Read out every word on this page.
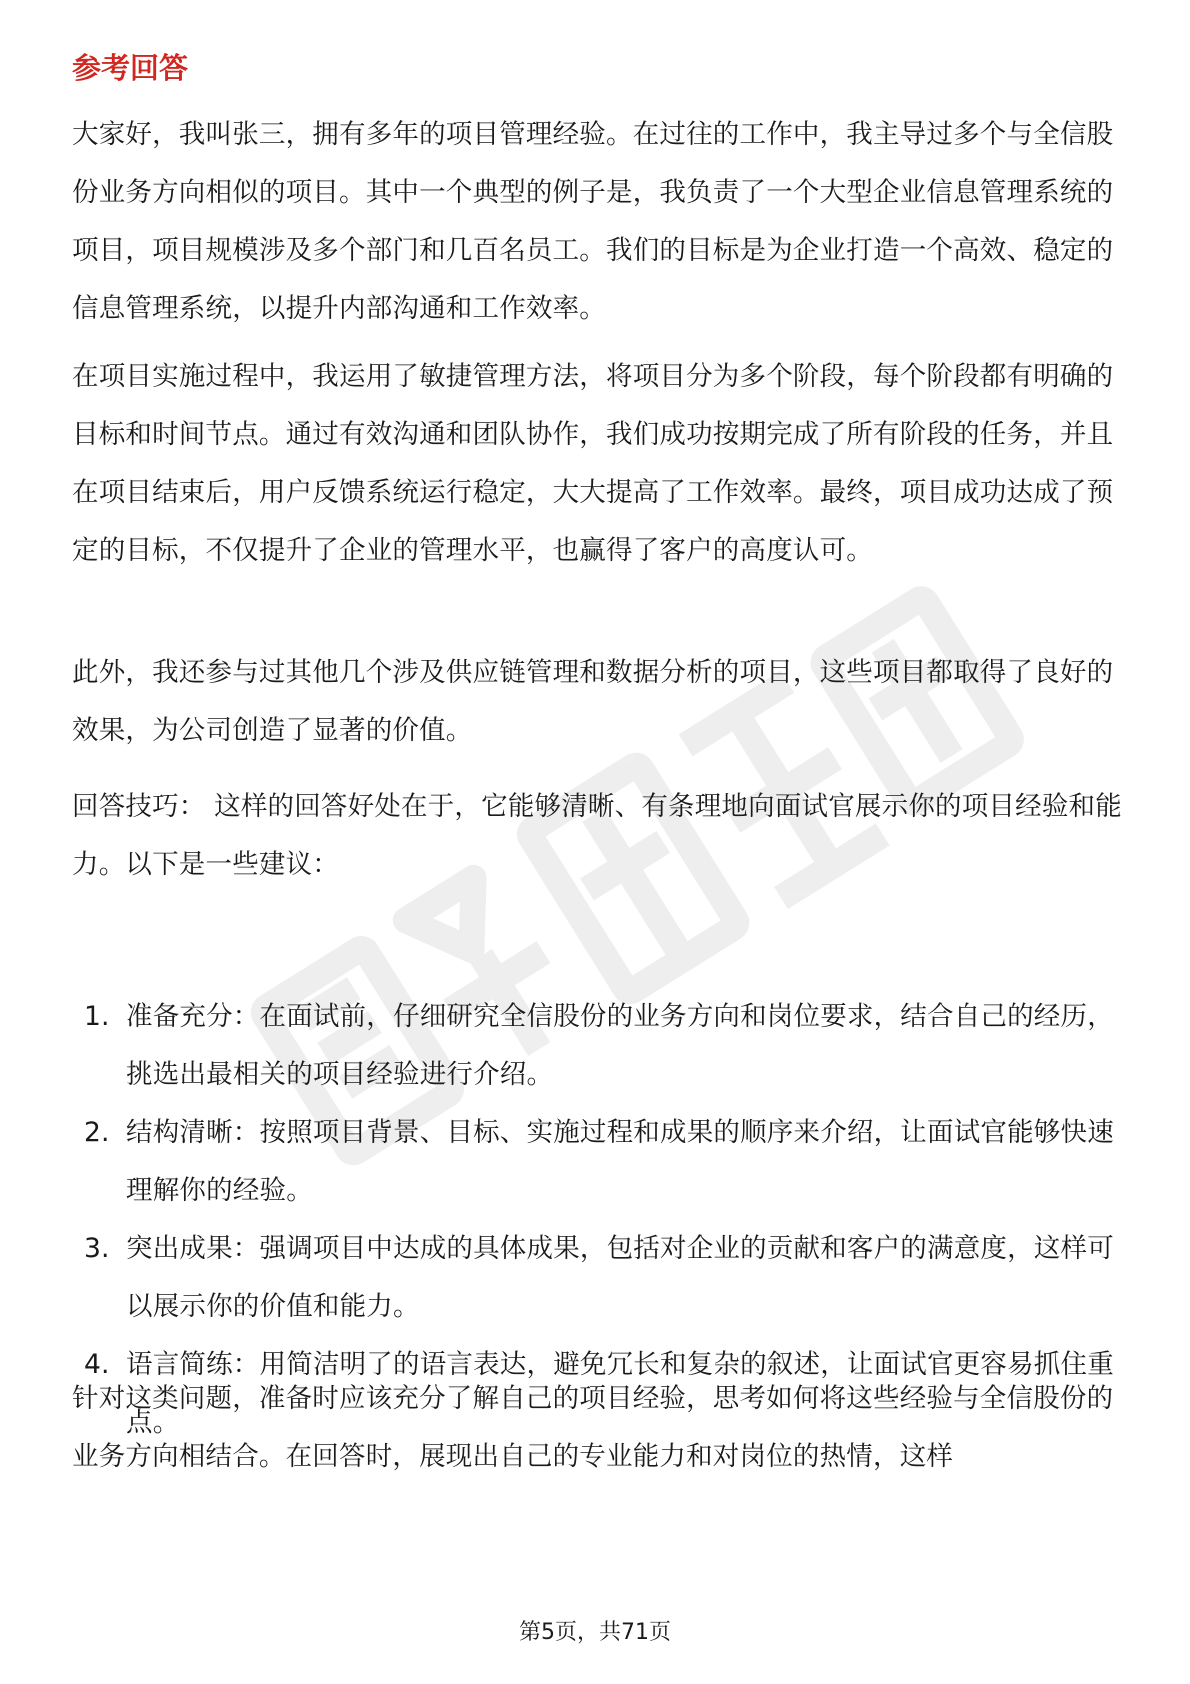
参考回答

大家好，我叫张三，拥有多年的项目管理经验。在过往的工作中，我主导过多个与全信股份业务方向相似的项目。其中一个典型的例子是，我负责了一个大型企业信息管理系统的项目，项目规模涉及多个部门和几百名员工。我们的目标是为企业打造一个高效、稳定的信息管理系统，以提升内部沟通和工作效率。

在项目实施过程中，我运用了敏捷管理方法，将项目分为多个阶段，每个阶段都有明确的目标和时间节点。通过有效沟通和团队协作，我们成功按期完成了所有阶段的任务，并且在项目结束后，用户反馈系统运行稳定，大大提高了工作效率。最终，项目成功达成了预定的目标，不仅提升了企业的管理水平，也赢得了客户的高度认可。

此外，我还参与过其他几个涉及供应链管理和数据分析的项目，这些项目都取得了良好的效果，为公司创造了显著的价值。

回答技巧： 这样的回答好处在于，它能够清晰、有条理地向面试官展示你的项目经验和能力。以下是一些建议：

1. 准备充分：在面试前，仔细研究全信股份的业务方向和岗位要求，结合自己的经历，挑选出最相关的项目经验进行介绍。
2. 结构清晰：按照项目背景、目标、实施过程和成果的顺序来介绍，让面试官能够快速理解你的经验。
3. 突出成果：强调项目中达成的具体成果，包括对企业的贡献和客户的满意度，这样可以展示你的价值和能力。
4. 语言简练：用简洁明了的语言表达，避免冗长和复杂的叙述，让面试官更容易抓住重点。

针对这类问题，准备时应该充分了解自己的项目经验，思考如何将这些经验与全信股份的业务方向相结合。在回答时，展现出自己的专业能力和对岗位的热情，这样

第5页，共71页
